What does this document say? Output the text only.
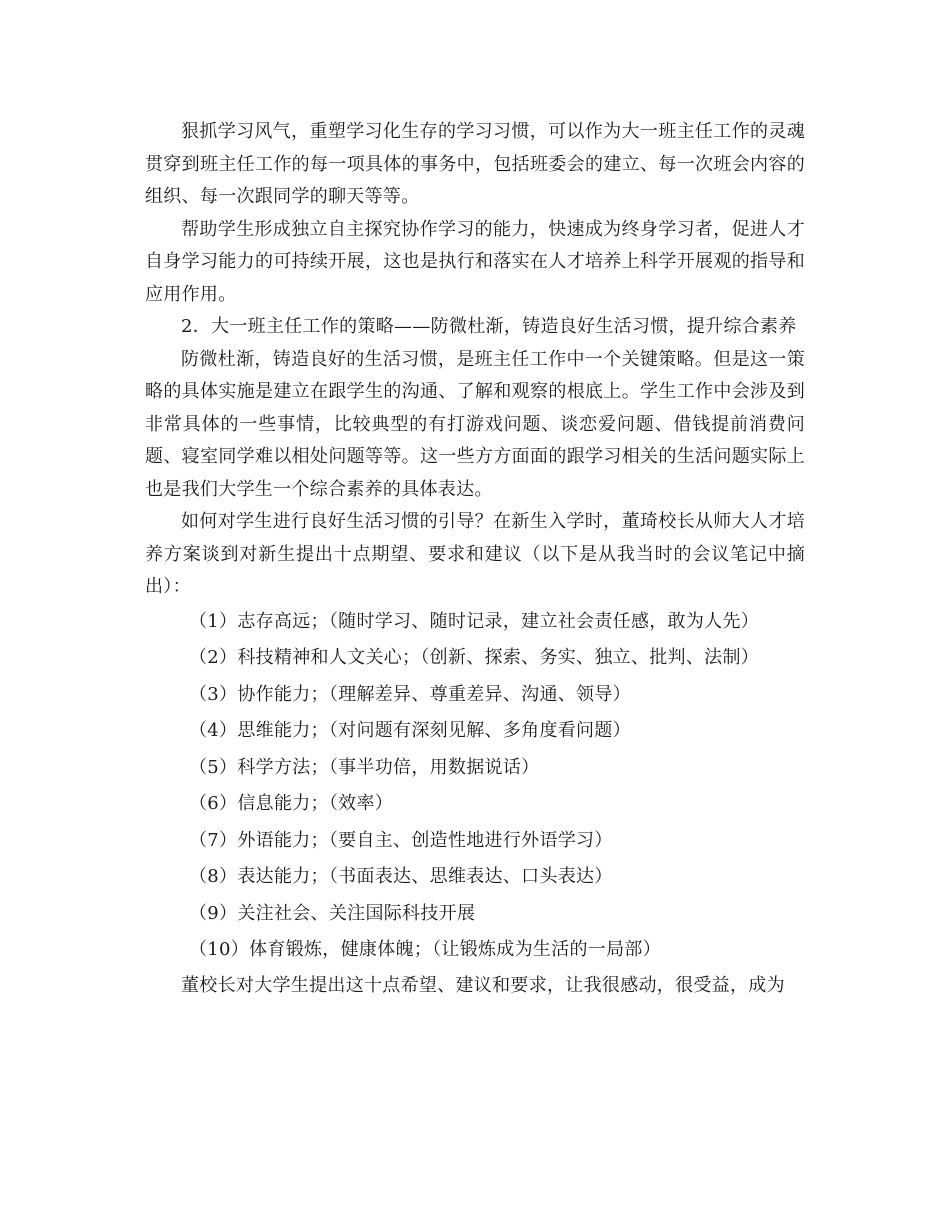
狠抓学习风气，重塑学习化生存的学习习惯，可以作为大一班主任工作的灵魂贯穿到班主任工作的每一项具体的事务中，包括班委会的建立、每一次班会内容的组织、每一次跟同学的聊天等等。

帮助学生形成独立自主探究协作学习的能力，快速成为终身学习者，促进人才自身学习能力的可持续开展，这也是执行和落实在人才培养上科学开展观的指导和应用作用。

2．大一班主任工作的策略——防微杜渐，铸造良好生活习惯，提升综合素养

防微杜渐，铸造良好的生活习惯，是班主任工作中一个关键策略。但是这一策略的具体实施是建立在跟学生的沟通、了解和观察的根底上。学生工作中会涉及到非常具体的一些事情，比较典型的有打游戏问题、谈恋爱问题、借钱提前消费问题、寝室同学难以相处问题等等。这一些方方面面的跟学习相关的生活问题实际上也是我们大学生一个综合素养的具体表达。

如何对学生进行良好生活习惯的引导？在新生入学时，董琦校长从师大人才培养方案谈到对新生提出十点期望、要求和建议（以下是从我当时的会议笔记中摘出）：

（1）志存高远；（随时学习、随时记录，建立社会责任感，敢为人先）
（2）科技精神和人文关心；（创新、探索、务实、独立、批判、法制）
（3）协作能力；（理解差异、尊重差异、沟通、领导）
（4）思维能力；（对问题有深刻见解、多角度看问题）
（5）科学方法；（事半功倍，用数据说话）
（6）信息能力；（效率）
（7）外语能力；（要自主、创造性地进行外语学习）
（8）表达能力；（书面表达、思维表达、口头表达）
（9）关注社会、关注国际科技开展
（10）体育锻炼，健康体魄；（让锻炼成为生活的一局部）

董校长对大学生提出这十点希望、建议和要求，让我很感动，很受益，成为
